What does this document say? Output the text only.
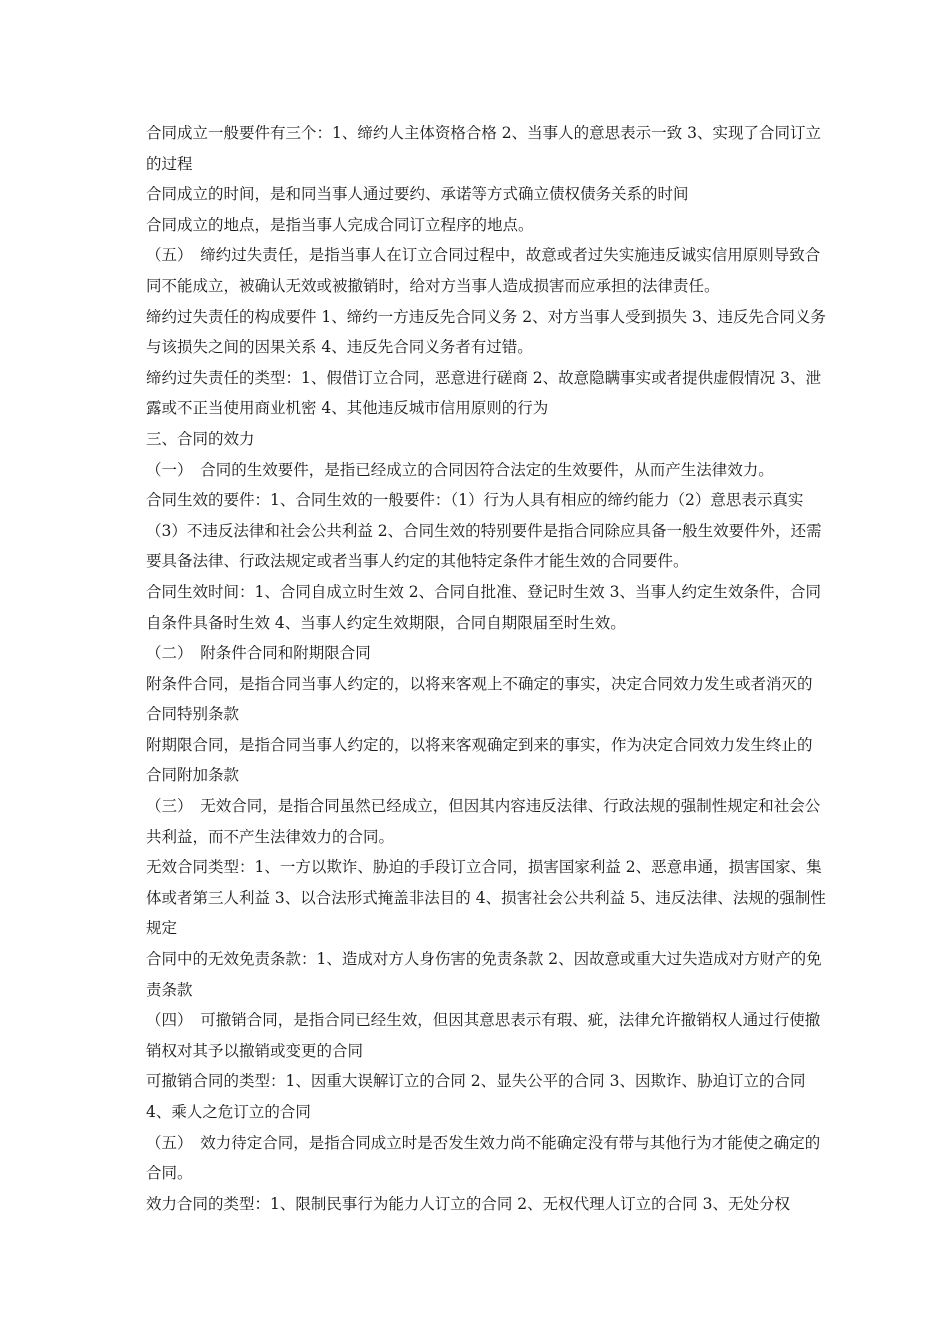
合同成立一般要件有三个：1、缔约人主体资格合格 2、当事人的意思表示一致 3、实现了合同订立的过程

合同成立的时间，是和同当事人通过要约、承诺等方式确立债权债务关系的时间

合同成立的地点，是指当事人完成合同订立程序的地点。

（五）　缔约过失责任，是指当事人在订立合同过程中，故意或者过失实施违反诚实信用原则导致合同不能成立，被确认无效或被撤销时，给对方当事人造成损害而应承担的法律责任。

缔约过失责任的构成要件 1、缔约一方违反先合同义务 2、对方当事人受到损失 3、违反先合同义务与该损失之间的因果关系 4、违反先合同义务者有过错。

缔约过失责任的类型：1、假借订立合同，恶意进行磋商 2、故意隐瞒事实或者提供虚假情况 3、泄露或不正当使用商业机密 4、其他违反城市信用原则的行为

三、合同的效力

（一）　合同的生效要件，是指已经成立的合同因符合法定的生效要件，从而产生法律效力。

合同生效的要件：1、合同生效的一般要件：（1）行为人具有相应的缔约能力（2）意思表示真实（3）不违反法律和社会公共利益 2、合同生效的特别要件是指合同除应具备一般生效要件外，还需要具备法律、行政法规定或者当事人约定的其他特定条件才能生效的合同要件。

合同生效时间：1、合同自成立时生效 2、合同自批准、登记时生效 3、当事人约定生效条件，合同自条件具备时生效 4、当事人约定生效期限，合同自期限届至时生效。

（二）　附条件合同和附期限合同

附条件合同，是指合同当事人约定的，以将来客观上不确定的事实，决定合同效力发生或者消灭的合同特别条款

附期限合同，是指合同当事人约定的，以将来客观确定到来的事实，作为决定合同效力发生终止的合同附加条款

（三）　无效合同，是指合同虽然已经成立，但因其内容违反法律、行政法规的强制性规定和社会公共利益，而不产生法律效力的合同。

无效合同类型：1、一方以欺诈、胁迫的手段订立合同，损害国家利益 2、恶意串通，损害国家、集体或者第三人利益 3、以合法形式掩盖非法目的 4、损害社会公共利益 5、违反法律、法规的强制性规定

合同中的无效免责条款：1、造成对方人身伤害的免责条款 2、因故意或重大过失造成对方财产的免责条款

（四）　可撤销合同，是指合同已经生效，但因其意思表示有瑕、疵，法律允许撤销权人通过行使撤销权对其予以撤销或变更的合同

可撤销合同的类型：1、因重大误解订立的合同 2、显失公平的合同 3、因欺诈、胁迫订立的合同 4、乘人之危订立的合同

（五）　效力待定合同，是指合同成立时是否发生效力尚不能确定没有带与其他行为才能使之确定的合同。

效力合同的类型：1、限制民事行为能力人订立的合同 2、无权代理人订立的合同 3、无处分权
